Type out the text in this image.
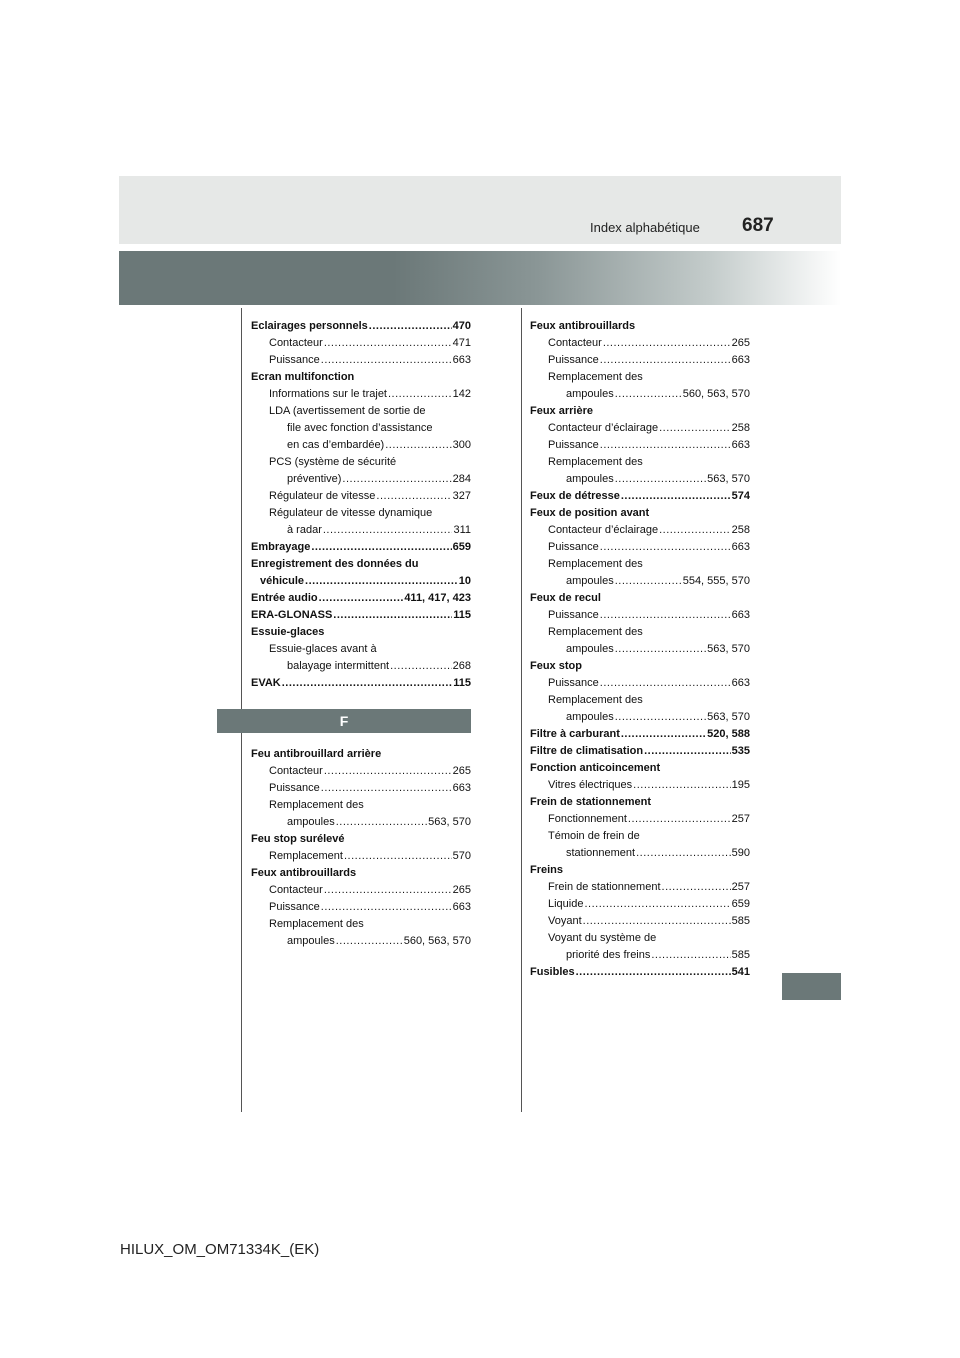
Index alphabétique 687
Eclairages personnels .....	470
Contacteur .....	471
Puissance .....	663
Ecran multifonction
Informations sur le trajet .....	142
LDA (avertissement de sortie de
file avec fonction d’assistance
en cas d’embardée) .....	300
PCS (système de sécurité
préventive) .....	284
Régulateur de vitesse .....	327
Régulateur de vitesse dynamique
à radar .....	311
Embrayage .....	659
Enregistrement des données du
véhicule .....	10
Entrée audio .....	411, 417, 423
ERA-GLONASS .....	115
Essuie-glaces
Essuie-glaces avant à
balayage intermittent .....	268
EVAK .....	115
F
Feu antibrouillard arrière
Contacteur .....	265
Puissance .....	663
Remplacement des
ampoules .....	563, 570
Feu stop surélevé
Remplacement .....	570
Feux antibrouillards
Contacteur .....	265
Puissance .....	663
Remplacement des
ampoules .....	560, 563, 570
Feux antibrouillards
Contacteur .....	265
Puissance .....	663
Remplacement des
ampoules .....	560, 563, 570
Feux arrière
Contacteur d’éclairage .....	258
Puissance .....	663
Remplacement des
ampoules .....	563, 570
Feux de détresse .....	574
Feux de position avant
Contacteur d’éclairage .....	258
Puissance .....	663
Remplacement des
ampoules .....	554, 555, 570
Feux de recul
Puissance .....	663
Remplacement des
ampoules .....	563, 570
Feux stop
Puissance .....	663
Remplacement des
ampoules .....	563, 570
Filtre à carburant .....	520, 588
Filtre de climatisation .....	535
Fonction anticoincement
Vitres électriques .....	195
Frein de stationnement
Fonctionnement .....	257
Témoin de frein de
stationnement .....	590
Freins
Frein de stationnement .....	257
Liquide .....	659
Voyant .....	585
Voyant du système de
priorité des freins .....	585
Fusibles .....	541
HILUX_OM_OM71334K_(EK)
